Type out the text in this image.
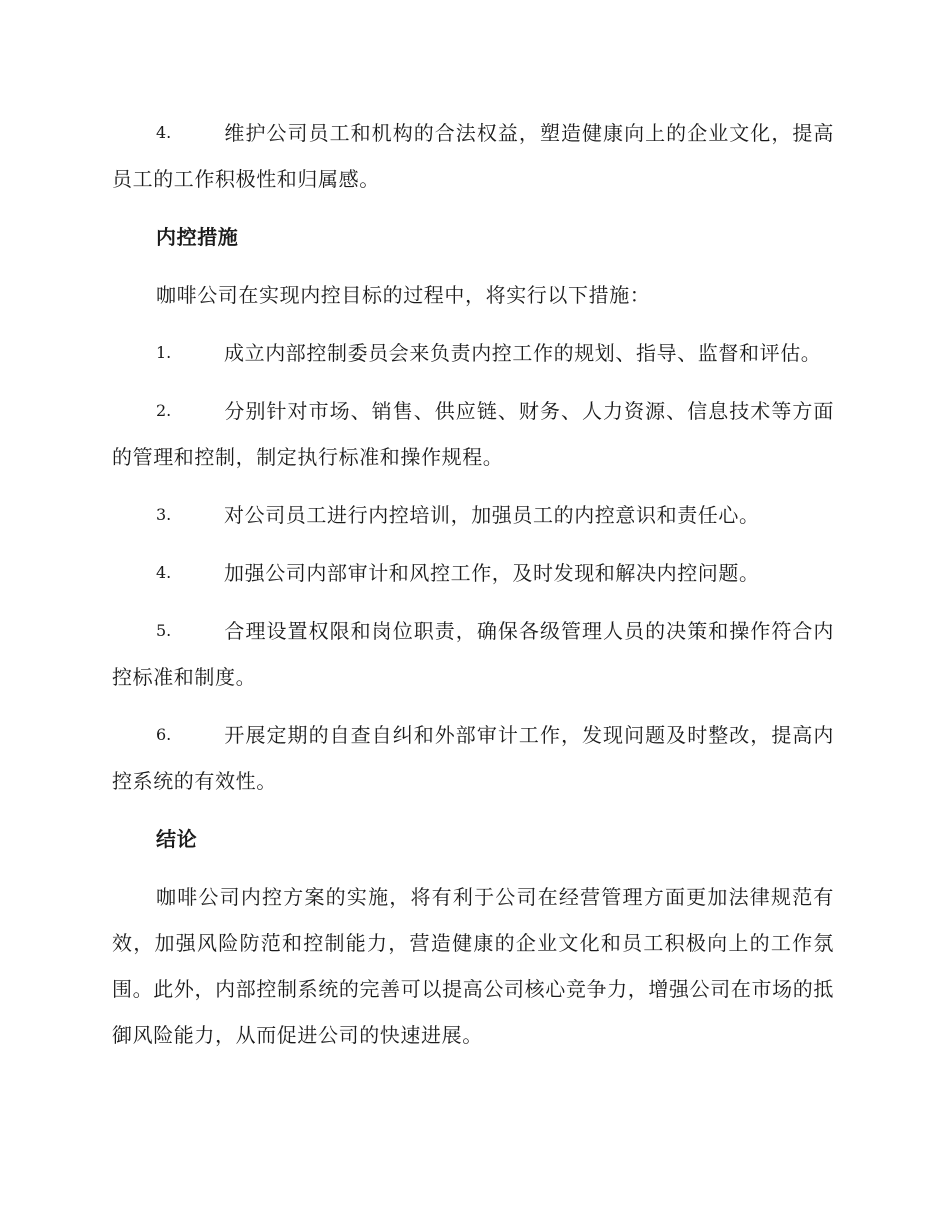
4.	维护公司员工和机构的合法权益，塑造健康向上的企业文化，提高员工的工作积极性和归属感。

内控措施

咖啡公司在实现内控目标的过程中，将实行以下措施：

1.	成立内部控制委员会来负责内控工作的规划、指导、监督和评估。

2.	分别针对市场、销售、供应链、财务、人力资源、信息技术等方面的管理和控制，制定执行标准和操作规程。

3.	对公司员工进行内控培训，加强员工的内控意识和责任心。

4.	加强公司内部审计和风控工作，及时发现和解决内控问题。

5.	合理设置权限和岗位职责，确保各级管理人员的决策和操作符合内控标准和制度。

6.	开展定期的自查自纠和外部审计工作，发现问题及时整改，提高内控系统的有效性。

结论

咖啡公司内控方案的实施，将有利于公司在经营管理方面更加法律规范有效，加强风险防范和控制能力，营造健康的企业文化和员工积极向上的工作氛围。此外，内部控制系统的完善可以提高公司核心竞争力，增强公司在市场的抵御风险能力，从而促进公司的快速进展。
